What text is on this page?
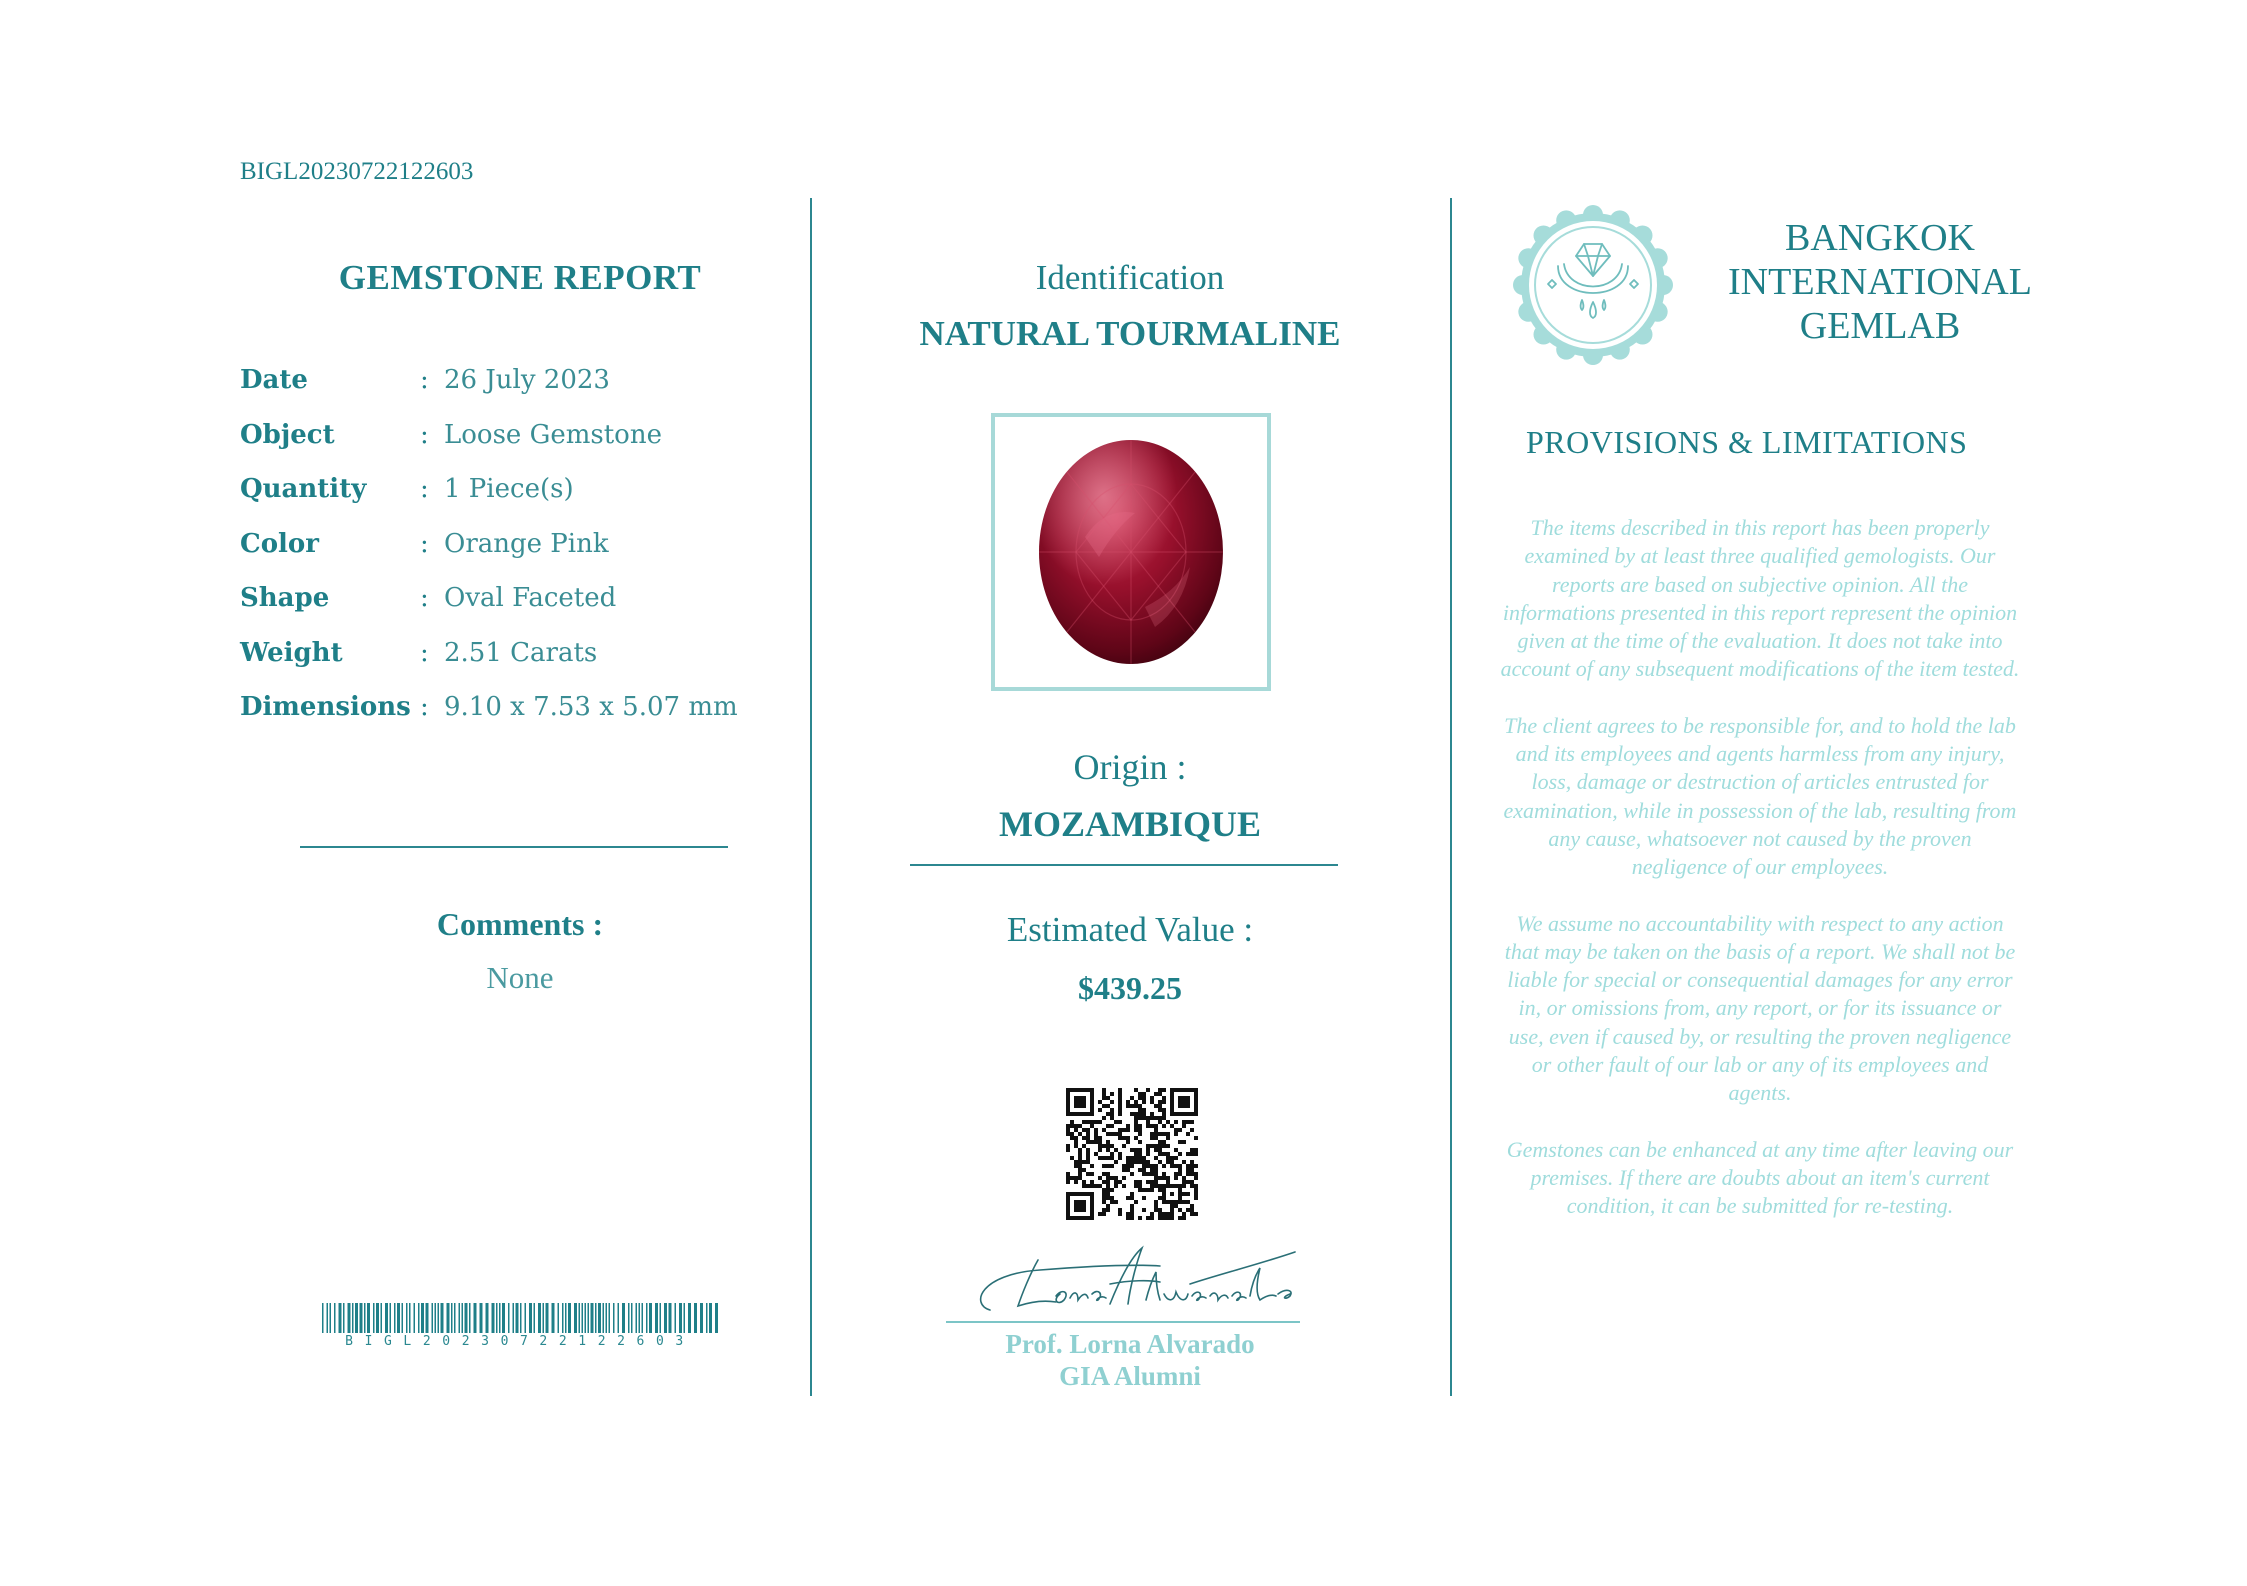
BIGL20230722122603
GEMSTONE REPORT
Date	: 26 July 2023
Object	: Loose Gemstone
Quantity	: 1 Piece(s)
Color	: Orange Pink
Shape	: Oval Faceted
Weight	: 2.51 Carats
Dimensions : 9.10 x 7.53 x 5.07 mm
Comments :
None
BIGL20230722122603
Identification
NATURAL TOURMALINE
Origin :
MOZAMBIQUE
Estimated Value :
$439.25
Prof. Lorna Alvarado
GIA Alumni
BANGKOK
INTERNATIONAL
GEMLAB
PROVISIONS & LIMITATIONS

The items described in this report has been properly examined by at least three qualified gemologists. Our reports are based on subjective opinion. All the informations presented in this report represent the opinion given at the time of the evaluation. It does not take into account of any subsequent modifications of the item tested.

The client agrees to be responsible for, and to hold the lab and its employees and agents harmless from any injury, loss, damage or destruction of articles entrusted for examination, while in possession of the lab, resulting from any cause, whatsoever not caused by the proven negligence of our employees.

We assume no accountability with respect to any action that may be taken on the basis of a report. We shall not be liable for special or consequential damages for any error in, or omissions from, any report, or for its issuance or use, even if caused by, or resulting the proven negligence or other fault of our lab or any of its employees and agents.

Gemstones can be enhanced at any time after leaving our premises. If there are doubts about an item's current condition, it can be submitted for re-testing.
